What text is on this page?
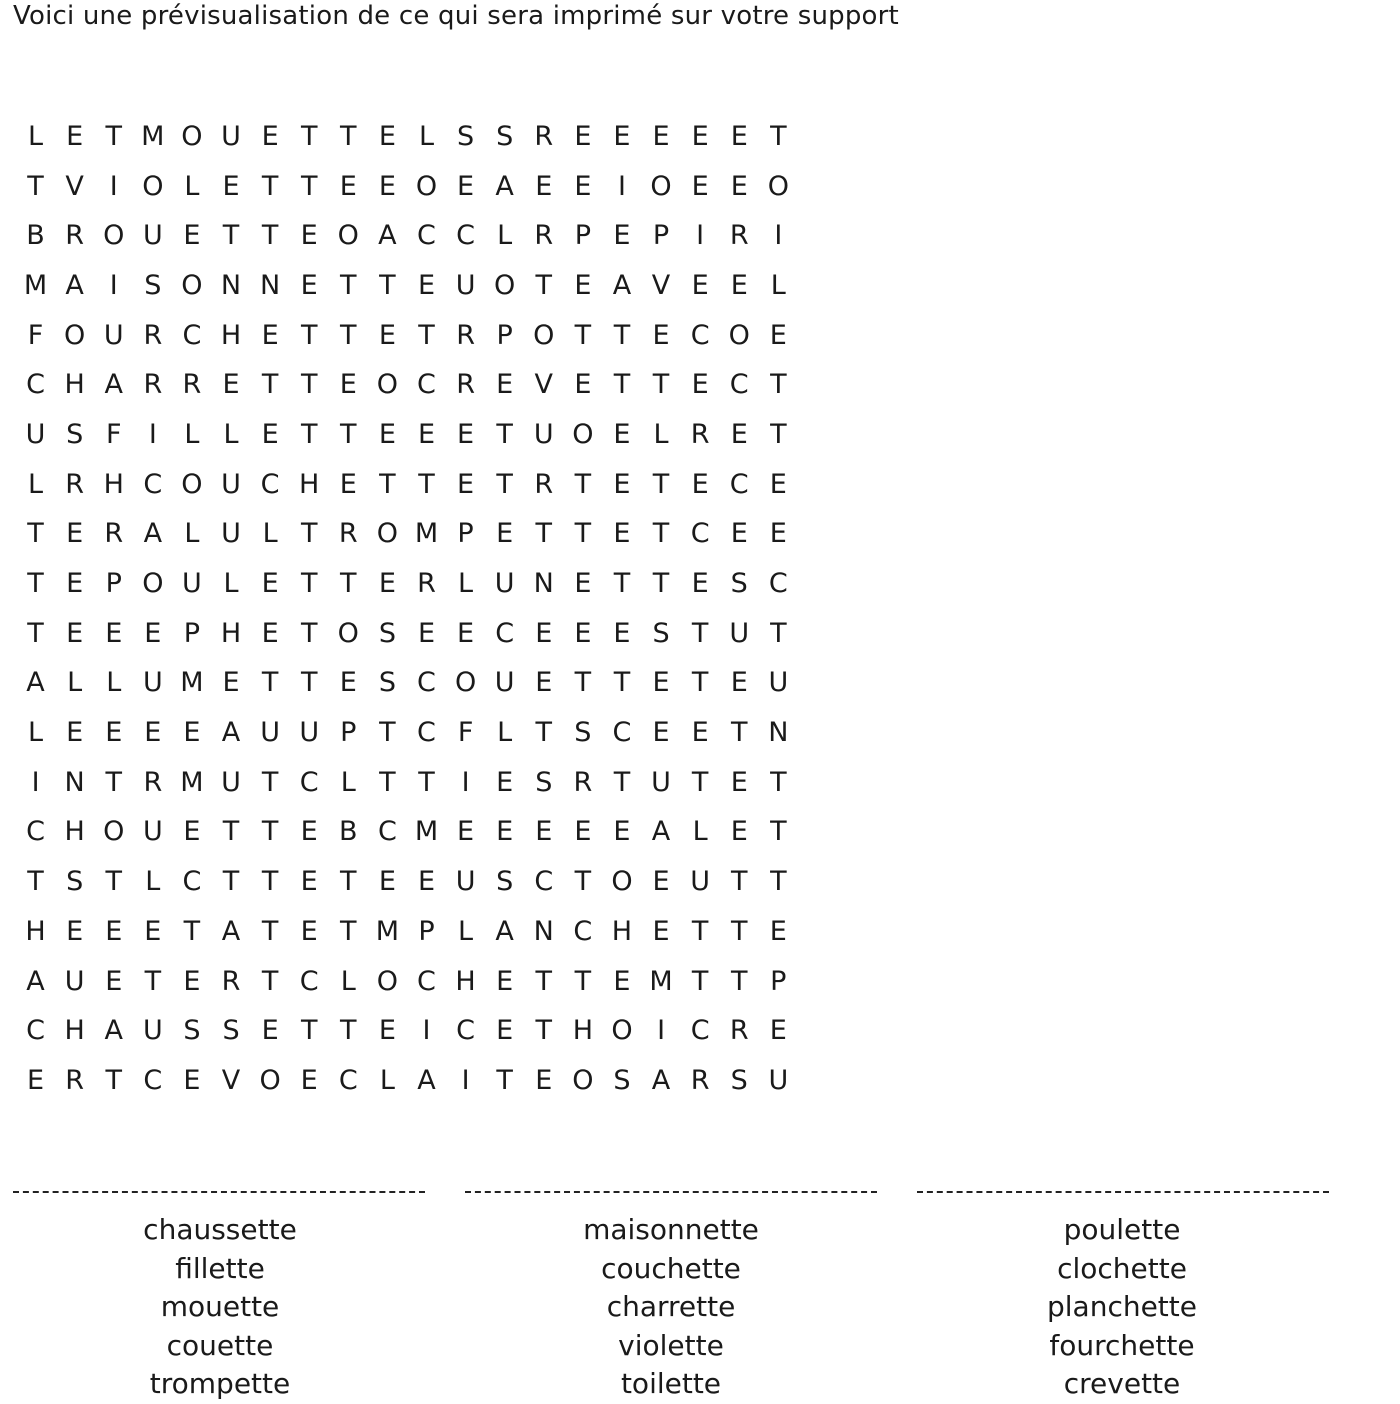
Voici une prévisualisation de ce qui sera imprimé sur votre support
L E T M O U E T T E L S S R E E E E E T
T V I O L E T T E E O E A E E I O E E O
B R O U E T T E O A C C L R P E P I R I
M A I S O N N E T T E U O T E A V E E L
F O U R C H E T T E T R P O T T E C O E
C H A R R E T T E O C R E V E T T E C T
U S F	I	L L E T T E E E T U O E L R E T
L R H C O U C H E T T E T R T E T E C E
T E R A L U L T R O M P E T T E T C E E
T E P O U L E T T E R L U N E T T E S C
T E E E P H E T O S E E C E E E S T U T
A L L U M E T T E S C O U E T T E T E U
L E E E E A U U P T C F L T S C E E T N
I N T R M U T C L T T I E S R T U T E T
C H O U E T T E B C M E E E E E A L E T
T S T L C T T E T E E U S C T O E U T T
H E E E T A T E T M P L A N C H E T T E
A U E T E R T C L O C H E T T E M T T P
C H A U S S E T T E I C E T H O I C R E
E R T C E V O E C L A I T E O S A R S U
chaussette
fillette
mouette
couette
trompette
maisonnette
couchette
charrette
violette
toilette
poulette
clochette
planchette
fourchette
crevette
